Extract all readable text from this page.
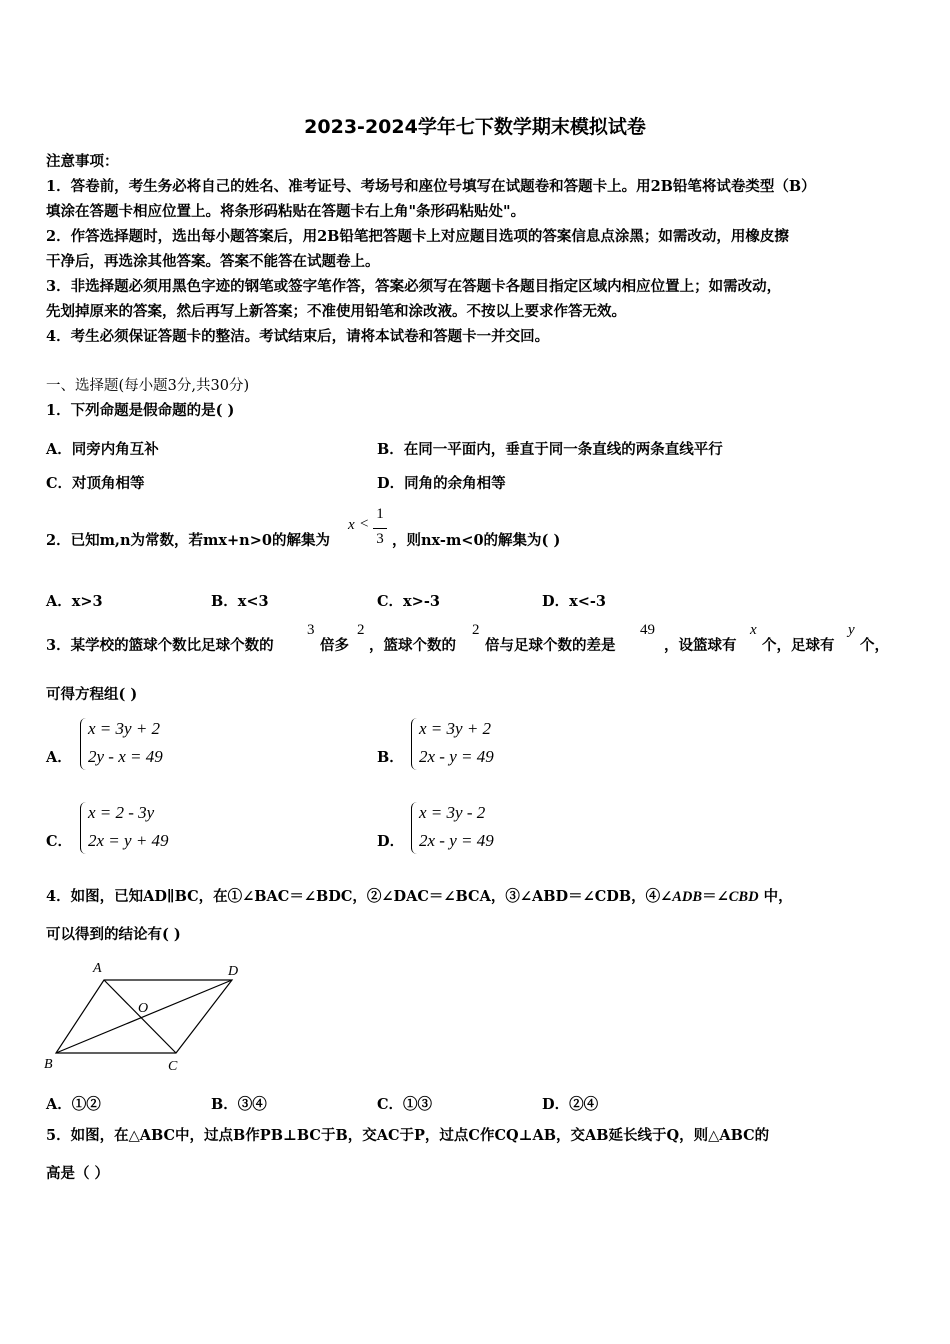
2023-2024学年七下数学期末模拟试卷
注意事项：
1．答卷前，考生务必将自己的姓名、准考证号、考场号和座位号填写在试题卷和答题卡上。用2B铅笔将试卷类型（B）
填涂在答题卡相应位置上。将条形码粘贴在答题卡右上角"条形码粘贴处"。
2．作答选择题时，选出每小题答案后，用2B铅笔把答题卡上对应题目选项的答案信息点涂黑；如需改动，用橡皮擦
干净后，再选涂其他答案。答案不能答在试题卷上。
3．非选择题必须用黑色字迹的钢笔或签字笔作答，答案必须写在答题卡各题目指定区域内相应位置上；如需改动，
先划掉原来的答案，然后再写上新答案；不准使用铅笔和涂改液。不按以上要求作答无效。
4．考生必须保证答题卡的整洁。考试结束后，请将本试卷和答题卡一并交回。
一、选择题(每小题3分,共30分)
1．下列命题是假命题的是( )
A．同旁内角互补	B．在同一平面内，垂直于同一条直线的两条直线平行
C．对顶角相等	D．同角的余角相等
2．已知m,n为常数，若mx+n>0的解集为
x <
1
3 ，则nx-m<0的解集为( )
A．x>3	B．x<3	C．x>-3	D．x<-3
3．某学校的篮球个数比足球个数的
3
倍多
2
，篮球个数的
2
倍与足球个数的差是
49
，设篮球有
x
个，足球有
y
个，
可得方程组( )
A．
x = 3y + 2
2y - x = 49	B．
x = 3y + 2
2x - y = 49
C．
x = 2 - 3y
2x = y + 49	D．
x = 3y - 2
2x - y = 49
4．如图，已知AD∥BC，在①∠BAC＝∠BDC，②∠DAC＝∠BCA，③∠ABD＝∠CDB，④∠ADB＝∠CBD 中，
可以得到的结论有( )
A	D
O
B	C
A．①②	B．③④	C．①③	D．②④
5．如图，在△ABC中，过点B作PB⊥BC于B，交AC于P，过点C作CQ⊥AB，交AB延长线于Q，则△ABC的
高是（ ）
